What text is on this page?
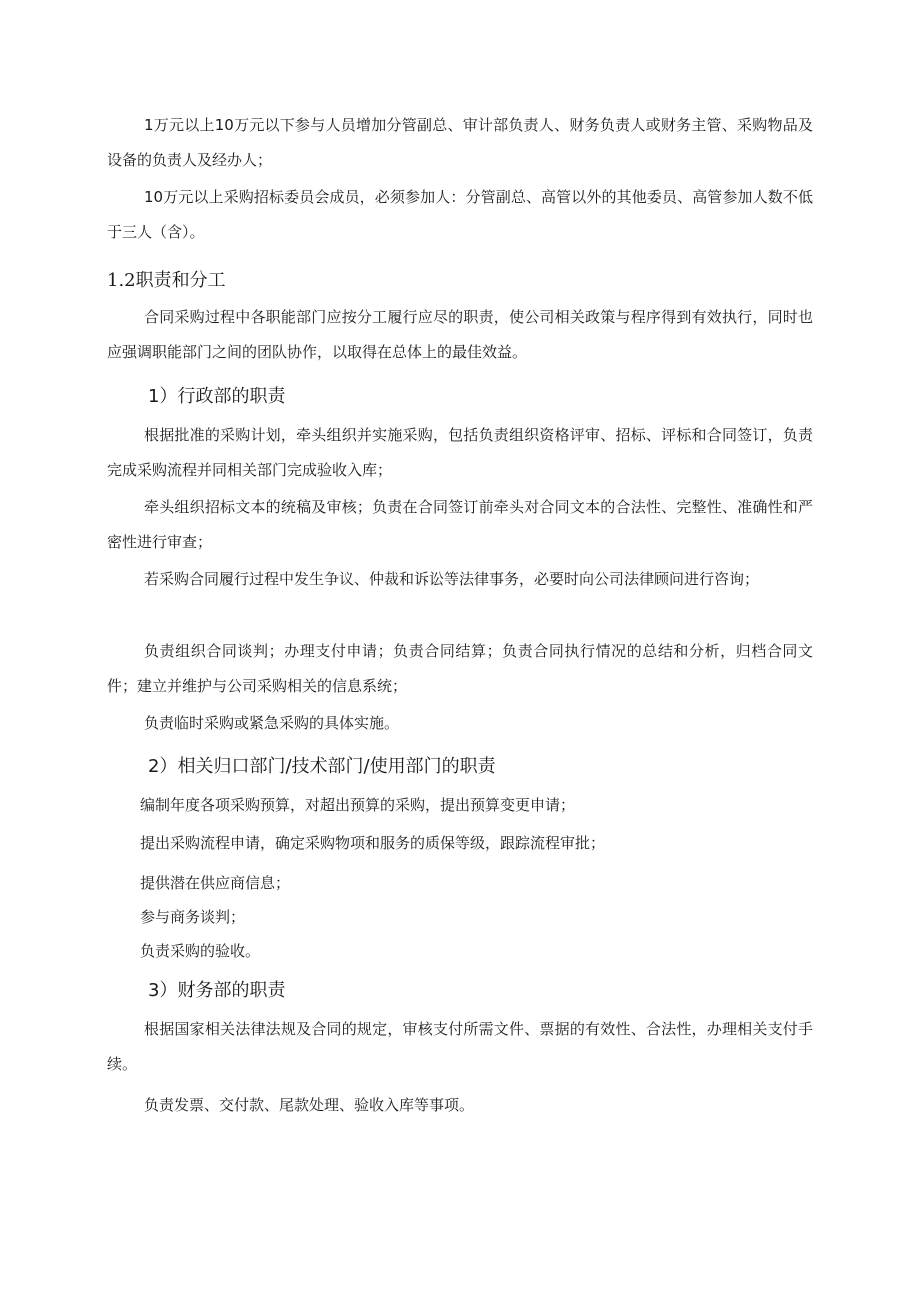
1万元以上10万元以下参与人员增加分管副总、审计部负责人、财务负责人或财务主管、采购物品及设备的负责人及经办人；

10万元以上采购招标委员会成员，必须参加人：分管副总、高管以外的其他委员、高管参加人数不低于三人（含）。

1.2职责和分工

合同采购过程中各职能部门应按分工履行应尽的职责，使公司相关政策与程序得到有效执行，同时也应强调职能部门之间的团队协作，以取得在总体上的最佳效益。

1）行政部的职责

根据批准的采购计划，牵头组织并实施采购，包括负责组织资格评审、招标、评标和合同签订，负责完成采购流程并同相关部门完成验收入库；

牵头组织招标文本的统稿及审核；负责在合同签订前牵头对合同文本的合法性、完整性、准确性和严密性进行审查；

若采购合同履行过程中发生争议、仲裁和诉讼等法律事务，必要时向公司法律顾问进行咨询；

负责组织合同谈判；办理支付申请；负责合同结算；负责合同执行情况的总结和分析，归档合同文件；建立并维护与公司采购相关的信息系统；

负责临时采购或紧急采购的具体实施。

2）相关归口部门/技术部门/使用部门的职责

编制年度各项采购预算，对超出预算的采购，提出预算变更申请；

提出采购流程申请，确定采购物项和服务的质保等级，跟踪流程审批；

提供潜在供应商信息；

参与商务谈判；

负责采购的验收。

3）财务部的职责

根据国家相关法律法规及合同的规定，审核支付所需文件、票据的有效性、合法性，办理相关支付手续。

负责发票、交付款、尾款处理、验收入库等事项。
